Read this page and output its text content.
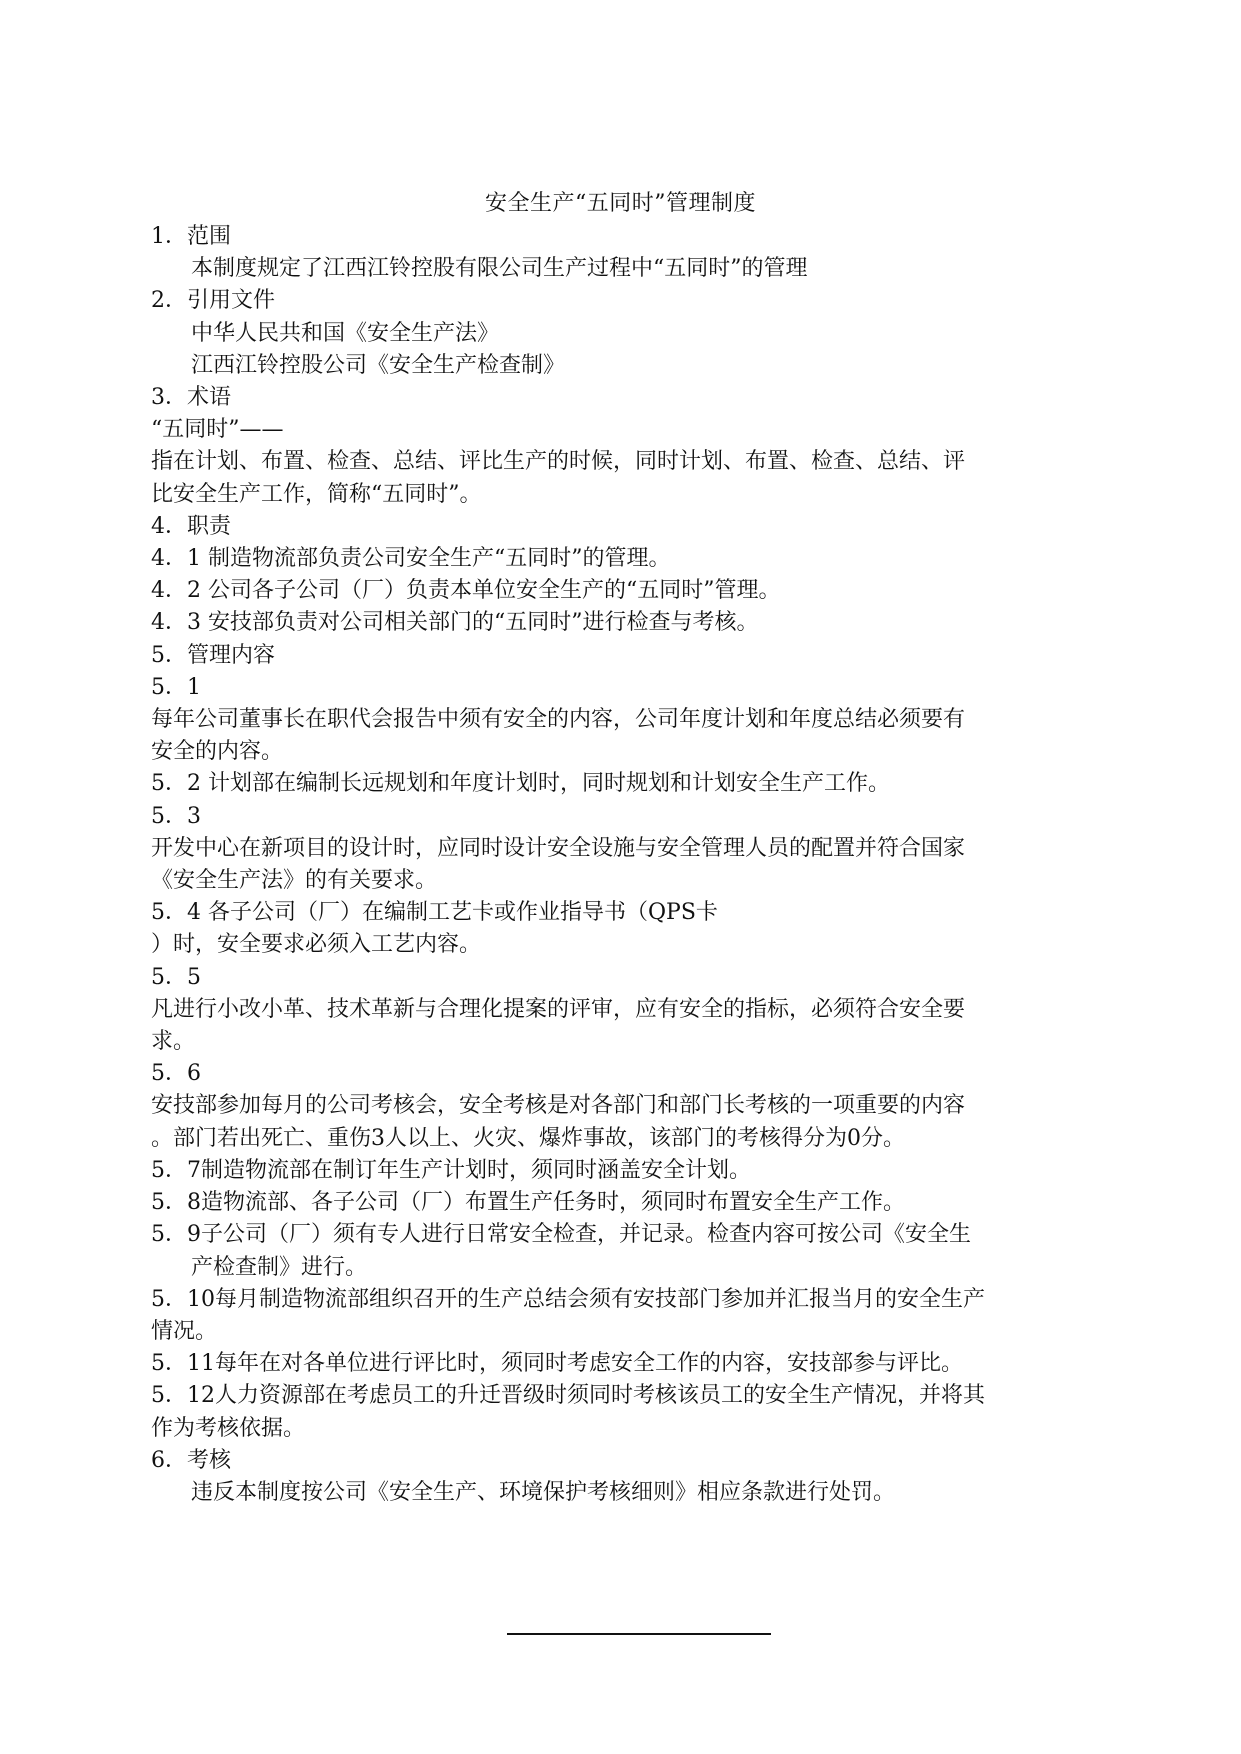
安全生产“五同时”管理制度

1．范围

本制度规定了江西江铃控股有限公司生产过程中“五同时”的管理

2．引用文件

中华人民共和国《安全生产法》

江西江铃控股公司《安全生产检查制》

3．术语

“五同时”——

指在计划、布置、检查、总结、评比生产的时候，同时计划、布置、检查、总结、评

比安全生产工作，简称“五同时”。

4．职责

4．1 制造物流部负责公司安全生产“五同时”的管理。

4．2 公司各子公司（厂）负责本单位安全生产的“五同时”管理。

4．3 安技部负责对公司相关部门的“五同时”进行检查与考核。

5．管理内容

5．1

每年公司董事长在职代会报告中须有安全的内容，公司年度计划和年度总结必须要有

安全的内容。

5．2 计划部在编制长远规划和年度计划时，同时规划和计划安全生产工作。

5．3

开发中心在新项目的设计时，应同时设计安全设施与安全管理人员的配置并符合国家

《安全生产法》的有关要求。

5．4 各子公司（厂）在编制工艺卡或作业指导书（QPS卡

）时，安全要求必须入工艺内容。

5．5

凡进行小改小革、技术革新与合理化提案的评审，应有安全的指标，必须符合安全要

求。

5．6

安技部参加每月的公司考核会，安全考核是对各部门和部门长考核的一项重要的内容

。部门若出死亡、重伤3人以上、火灾、爆炸事故，该部门的考核得分为0分。

5．7制造物流部在制订年生产计划时，须同时涵盖安全计划。

5．8造物流部、各子公司（厂）布置生产任务时，须同时布置安全生产工作。

5．9子公司（厂）须有专人进行日常安全检查，并记录。检查内容可按公司《安全生

产检查制》进行。

5．10每月制造物流部组织召开的生产总结会须有安技部门参加并汇报当月的安全生产

情况。

5．11每年在对各单位进行评比时，须同时考虑安全工作的内容，安技部参与评比。

5．12人力资源部在考虑员工的升迁晋级时须同时考核该员工的安全生产情况，并将其

作为考核依据。

6．考核

违反本制度按公司《安全生产、环境保护考核细则》相应条款进行处罚。
